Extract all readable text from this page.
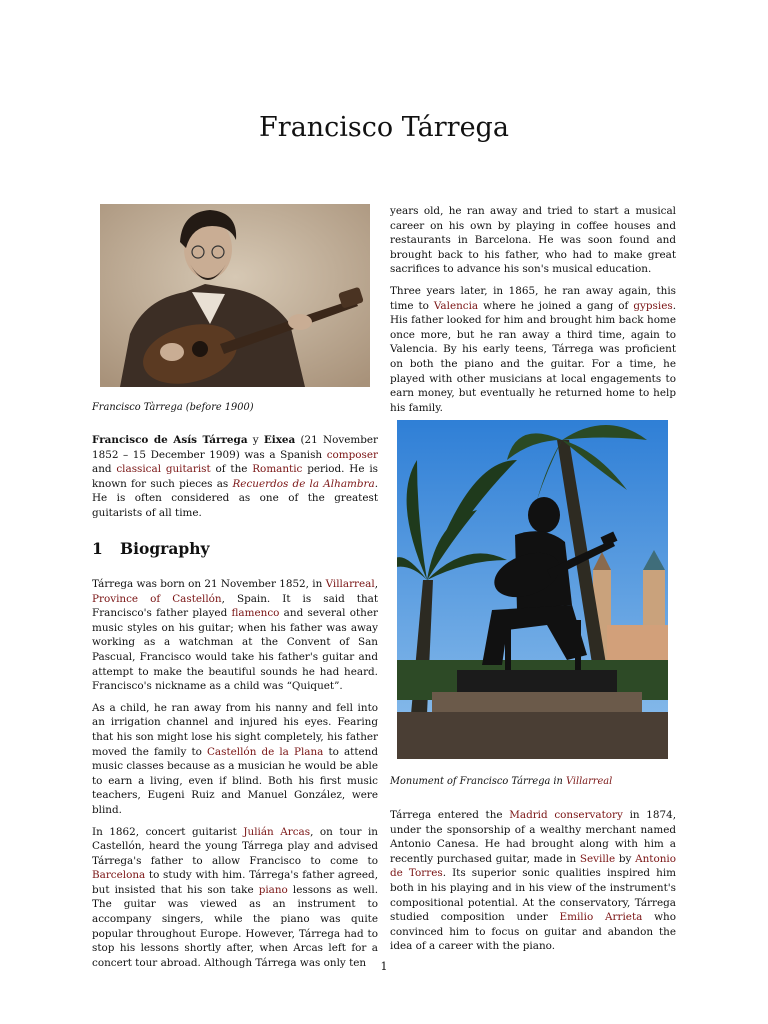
Francisco Tárrega
Francisco Tàrrega (before 1900)

Francisco de Asís Tárrega y Eixea (21 November 1852 – 15 December 1909) was a Spanish composer and classical guitarist of the Romantic period. He is known for such pieces as Recuerdos de la Alhambra. He is often considered as one of the greatest guitarists of all time.

1 Biography

Tárrega was born on 21 November 1852, in Villarreal, Province of Castellón, Spain. It is said that Francisco's father played flamenco and several other music styles on his guitar; when his father was away working as a watchman at the Convent of San Pascual, Francisco would take his father's guitar and attempt to make the beautiful sounds he had heard. Francisco's nickname as a child was “Quiquet”.

As a child, he ran away from his nanny and fell into an irrigation channel and injured his eyes. Fearing that his son might lose his sight completely, his father moved the family to Castellón de la Plana to attend music classes because as a musician he would be able to earn a living, even if blind. Both his first music teachers, Eugeni Ruiz and Manuel González, were blind.

In 1862, concert guitarist Julián Arcas, on tour in Castellón, heard the young Tárrega play and advised Tárrega's father to allow Francisco to come to Barcelona to study with him. Tárrega's father agreed, but insisted that his son take piano lessons as well. The guitar was viewed as an instrument to accompany singers, while the piano was quite popular throughout Europe. However, Tárrega had to stop his lessons shortly after, when Arcas left for a concert tour abroad. Although Tárrega was only ten

years old, he ran away and tried to start a musical career on his own by playing in coffee houses and restaurants in Barcelona. He was soon found and brought back to his father, who had to make great sacrifices to advance his son's musical education.

Three years later, in 1865, he ran away again, this time to Valencia where he joined a gang of gypsies. His father looked for him and brought him back home once more, but he ran away a third time, again to Valencia. By his early teens, Tárrega was proficient on both the piano and the guitar. For a time, he played with other musicians at local engagements to earn money, but eventually he returned home to help his family.

Monument of Francisco Tárrega in Villarreal

Tárrega entered the Madrid conservatory in 1874, under the sponsorship of a wealthy merchant named Antonio Canesa. He had brought along with him a recently purchased guitar, made in Seville by Antonio de Torres. Its superior sonic qualities inspired him both in his playing and in his view of the instrument's compositional potential. At the conservatory, Tárrega studied composition under Emilio Arrieta who convinced him to focus on guitar and abandon the idea of a career with the piano.

1
